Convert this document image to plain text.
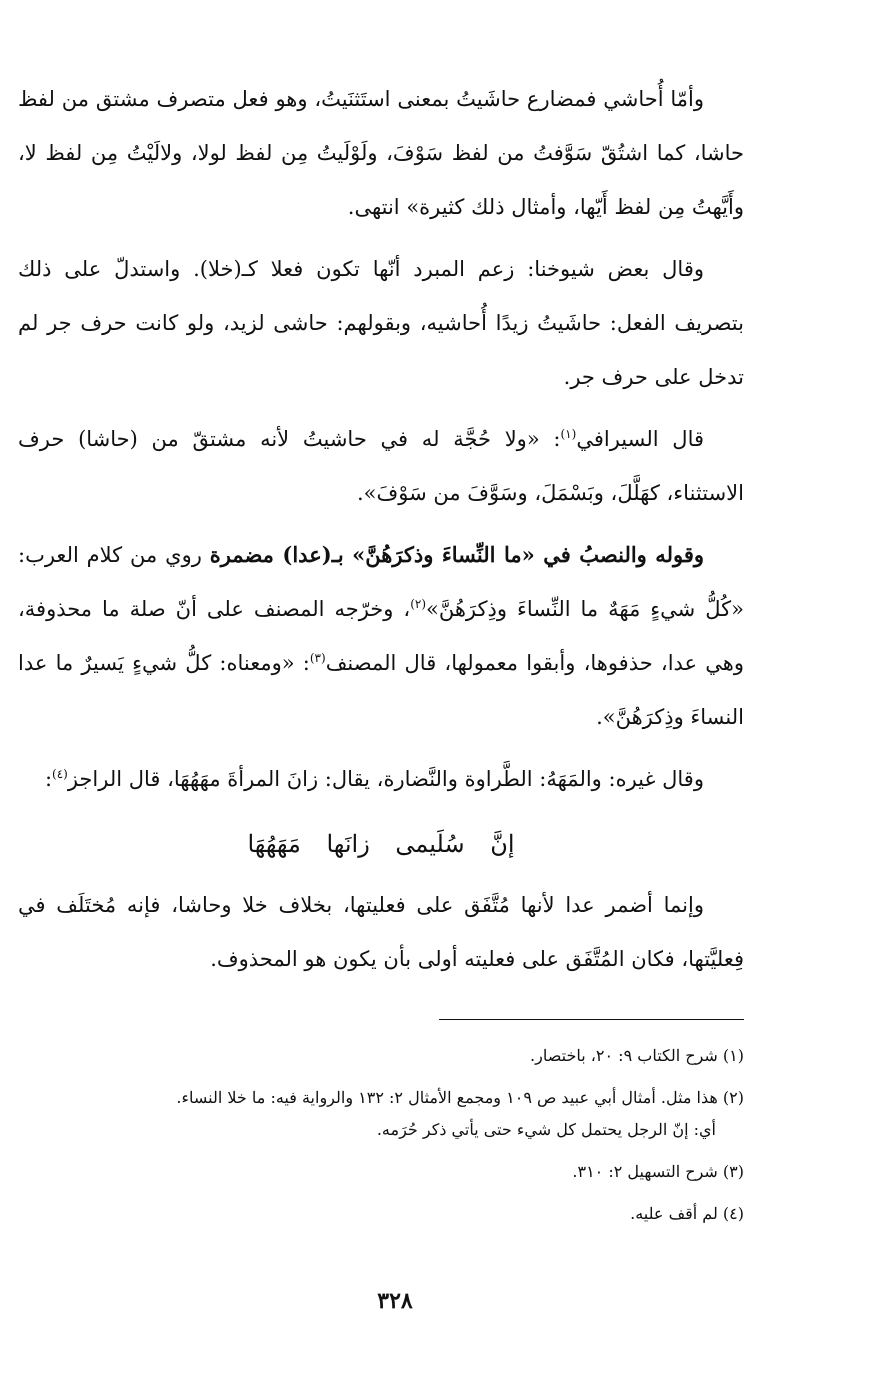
وأمّا أُحاشي فمضارع حاشَيتُ بمعنى استَثنَيتُ، وهو فعل متصرف مشتق من لفظ حاشا، كما اشتُقّ سَوَّفتُ من لفظ سَوْفَ، ولَوْلَيتُ مِن لفظ لولا، ولالَيْتُ مِن لفظ لا، وأَيَّهتُ مِن لفظ أَيّها، وأمثال ذلك كثيرة» انتهى.

وقال بعض شيوخنا: زعم المبرد أنّها تكون فعلا كـ(خلا). واستدلّ على ذلك بتصريف الفعل: حاشَيتُ زيدًا أُحاشيه، وبقولهم: حاشى لزيد، ولو كانت حرف جر لم تدخل على حرف جر.

قال السيرافي$^{(١)}$: «ولا حُجَّة له في حاشيتُ لأنه مشتقّ من (حاشا) حرف الاستثناء، كهَلَّلَ، وبَسْمَلَ، وسَوَّفَ من سَوْفَ».

وقوله والنصبُ في «ما النِّساءَ وذكرَهُنَّ» بـ(عدا) مضمرة روي من كلام العرب: «كُلُّ شيءٍ مَهَهٌ ما النِّساءَ وذِكرَهُنَّ»$^{(٢)}$، وخرّجه المصنف على أنّ صلة ما محذوفة، وهي عدا، حذفوها، وأبقوا معمولها، قال المصنف$^{(٣)}$: «ومعناه: كلُّ شيءٍ يَسيرٌ ما عدا النساءَ وذِكرَهُنَّ».

وقال غيره: والمَهَهُ: الطَّراوة والنَّضارة، يقال: زانَ المرأةَ مهَهُهَا، قال الراجز$^{(٤)}$:

إنَّ سُلَيمى زانَها مَهَهُهَا

وإنما أضمر عدا لأنها مُتَّفَق على فعليتها، بخلاف خلا وحاشا، فإنه مُختَلَف في فِعليَّتها، فكان المُتَّفَق على فعليته أولى بأن يكون هو المحذوف.

(١) شرح الكتاب ٩: ٢٠، باختصار.

(٢) هذا مثل. أمثال أبي عبيد ص ١٠٩ ومجمع الأمثال ٢: ١٣٢ والرواية فيه: ما خلا النساء.

أي: إنّ الرجل يحتمل كل شيء حتى يأتي ذكر حُرَمه.

(٣) شرح التسهيل ٢: ٣١٠.

(٤) لم أقف عليه.

٣٢٨
